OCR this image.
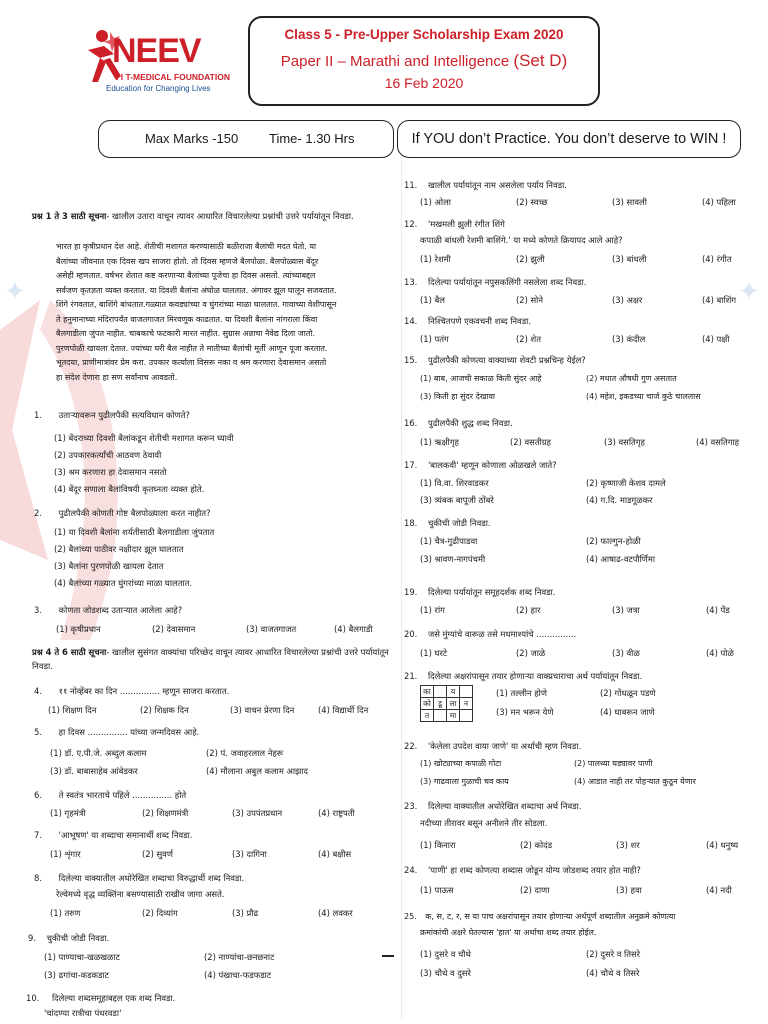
✦	✦
NEEV
I I T-MEDICAL FOUNDATION
Education for Changing Lives
Class 5 - Pre-Upper Scholarship Exam 2020
Paper II – Marathi and Intelligence (Set D)
16 Feb 2020
Max Marks -150 Time- 1.30 Hrs	If YOU don’t Practice. You don’t deserve to WIN !
प्रश्न 1 ते 3 साठी सूचना- खालील उतारा वाचून त्यावर आधारित विचारलेल्या प्रश्नांची उत्तरे पर्यायांतून निवडा.
भारत हा कृषीप्रधान देश आहे. शेतीची मशागत करण्यासाठी बळीराजा बैलांची मदत घेतो. या
बैलांच्या जीवनात एक दिवस खप साजरा होतो. तो दिवस म्हणजे बैलपोळा. बैलपोळ्यास बेंदूर
असेही म्हणतात. वर्षभर शेतात कष्ट करणाऱ्या बैलांच्या पूजेचा हा दिवस असतो. त्यांच्याबद्दल
सर्वजण कृतज्ञता व्यक्त करतात. या दिवशी बैलांना अंघोळ घालतात. अंगावर झूल घालून सजवतात.
शिंगे रंगवतात, बाशिंगे बांधतात.गळ्यात कवड्यांच्या व घुंगरांच्या माळा घालतात. गावाच्या वेशीपासून
ते हनुमानाच्या मंदिरापर्यंत वाजतगाजत मिरवणूक काढतात. या दिवशी बैलांना नांगराला किंवा
बैलगाडीला जुंपत नाहीत. चाबकाचे फटकारी मारत नाहीत. सुग्रास अन्नाचा नैवेद्य दिला जातो.
पुरणपोळी खायला देतात. ज्यांच्या घरी बैल नाहीत ते मातीच्या बैलांची मूर्ती आणून पूजा करतात.
भूतदया, प्राणीमात्रांवर प्रेम करा. उपकार कर्त्याला विसरू नका व श्रम करणारा देवासमान असतो
हा संदेश देणारा हा सण सर्वांनाच आवडतो.
1. उताऱ्यावरून पुढीलपैकी सत्यविधान कोणते?
(1) बेंदराच्या दिवशी बैलांकडून शेतीची मशागत करून घ्यावी
(2) उपकारकर्त्यांची आठवण ठेवावी
(3) श्रम करणारा हा देवासमान नसतो
(4) बेंदूर सणाला बैलांविषयी कृतघ्नता व्यक्त होते.
2. पुढीलपैकी कोणती गोष्ट बैलपोळ्याला करत नाहीत?
(1) या दिवशी बैलांना शर्यतीसाठी बैलगाडीला जुंपतात
(2) बैलांच्या पाठीवर नक्षीदार झूल घालतात
(3) बैलांना पुरणपोळी खायला देतात
(4) बैलांच्या गळ्यात घुंगरांच्या माळा घालतात.
3. कोणता जोडशब्द उताऱ्यात आलेला आहे?
(1) कृषीप्रधान	(2) देवासमान	(3) वाजतगाजत	(4) बैलगाडी
प्रश्न 4 ते 6 साठी सूचना- खालील सुसंगत वाक्यांचा परिच्छेद वाचून त्यावर आधारित विचारलेल्या प्रश्नांची उत्तरे पर्यायांतून निवडा.
4. ११ नोव्हेंबर का दिन ............... म्हणून साजरा करतात.
(1) शिक्षण दिन	(2) शिक्षक दिन	(3) वाचन प्रेरणा दिन	(4) विद्यार्थी दिन
5. हा दिवस ............... यांच्या जन्मदिवस आहे.
(1) डॉ. ए.पी.जे. अब्दुल कलाम	(2) पं. जवाहरलाल नेहरू
(3) डॉ. बाबासाहेब आंबेडकर	(4) मौलाना अबुल कलाम आझाद
6. ते स्वतंत्र भारताचे पहिले ............... होते
(1) गृहमंत्री	(2) शिक्षणमंत्री	(3) उपपंतप्रधान	(4) राष्ट्रपती
7. 'आभूषण' या शब्दाचा समानार्थी शब्द निवडा.
(1) शृंगार	(2) सुवर्ण	(3) दागिना	(4) बक्षीस
8. दिलेल्या वाक्यातील अधोरेखित शब्दाचा विरुद्धार्थी शब्द निवडा.
रेल्वेमध्ये वृद्ध व्यक्तिंना बसण्यासाठी राखीव जागा असते.
(1) तरुण	(2) दिव्यांग	(3) प्रौढ	(4) लवकर
9. चुकीची जोडी निवडा.
(1) पाण्याचा-खळखळाट	(2) नाण्यांचा-छनछनाट
(3) ढगांचा-कडकडाट	(4) पंखाचा-फडफडाट
10. दिलेल्या शब्दसमूहाबद्दल एक शब्द निवडा.
'चांदण्या रात्रीचा पंधरवडा'
11. खालील पर्यायांतून नाम असलेला पर्याय निवडा.
(1) ओला	(2) स्वच्छ	(3) सावली	(4) पहिला
12. 'मखमली झुली रंगीत शिंगे
कपाळी बांधली रेशमी बाशिंगे.' या मध्ये कोणते क्रियापद आले आहे?
(1) रेशमी	(2) झुली	(3) बांधली	(4) रंगीत
13. दिलेल्या पर्यायांतून नपुसकलिंगी नसलेला शब्द निवडा.
(1) बैल	(2) सोने	(3) अक्षर	(4) बाशिंग
14. निश्चितपणे एकवचनी शब्द निवडा.
(1) पतंग	(2) शेत	(3) कंदील	(4) पक्षी
15. पुढीलपैकी कोणत्या वाक्याच्या शेवटी प्रश्नचिन्ह येईल?
(1) बाब, आजची सकाळ किती सुंदर आहे	(2) मधात औषधी गुण असतात
(3) किती हा सुंदर देखावा	(4) महेश, इकडच्या चार्ज कुठे चाललास
16. पुढीलपैकी शुद्ध शब्द निवडा.
(1) ऋक्षीगृह	(2) वसतीग्रह	(3) वसतिगृह	(4) वसतिगाह
17. 'बालकवी' म्हणून कोणाला ओळखले जाते?
(1) वि.वा. शिरवाडकर	(2) कृष्णाजी केशव दामले
(3) त्र्यंबक बापूजी ठोंबरे	(4) ग.दि. माडगूळकर
18. चुकीची जोडी निवडा.
(1) चैत्र-गुढीपाडवा	(2) फाल्गुन-होळी
(3) श्रावण-नागपंचमी	(4) आषाढ-वटपौर्णिमा
19. दिलेल्या पर्यायांतून समूहदर्शक शब्द निवडा.
(1) रांग	(2) हार	(3) जत्रा	(4) पेंड
20. जसे मुंग्यांचे वारूळ तसे मधमाश्यांचे ...............
(1) घरटे	(2) जाळे	(3) वीळ	(4) पोळे
21. दिलेल्या अक्षरांपासून तयार होणाऱ्या वाक्प्रचाराचा अर्थ पर्यायांतून निवडा.
का		य	
को	डू	ला	न
त		मा	
(1) तल्लीन होणे	(2) गोंधळून पडणे
(3) मन भरून येणे	(4) घाबरून जाणे
22. 'केलेला उपदेश वाया जाणे' या अर्थाची म्हण निवडा.
(1) खोट्याच्या कपाळी गोटा	(2) पालथ्या घड्यावर पाणी
(3) गाढवाला गुळाची चव काय	(4) आडात नाही तर पोहऱ्यात कुठून येणार
23. दिलेल्या वाक्यातील अधोरेखित शब्दाचा अर्थ निवडा.
नदीच्या तीरावर बसून अनीशने तीर सोडला.
(1) किनारा	(2) कोदंड	(3) शर	(4) धनुष्य
24. 'पाणी' हा शब्द कोणत्या शब्दास जोडून योग्य जोडशब्द तयार होत नाही?
(1) पाऊस	(2) दाणा	(3) हवा	(4) नदी
25. क, स, ट, र, स या पाच अक्षरांपासून तयार होणाऱ्या अर्थपूर्ण शब्दातील अनुक्रमे कोणत्या
क्रमांकांची अक्षरे घेतल्यास 'हात' या अर्थाचा शब्द तयार होईल.
(1) दुसरे व चौथे	(2) दुसरे व तिसरे
(3) चौथे व दुसरे	(4) चौथे व तिसरे
